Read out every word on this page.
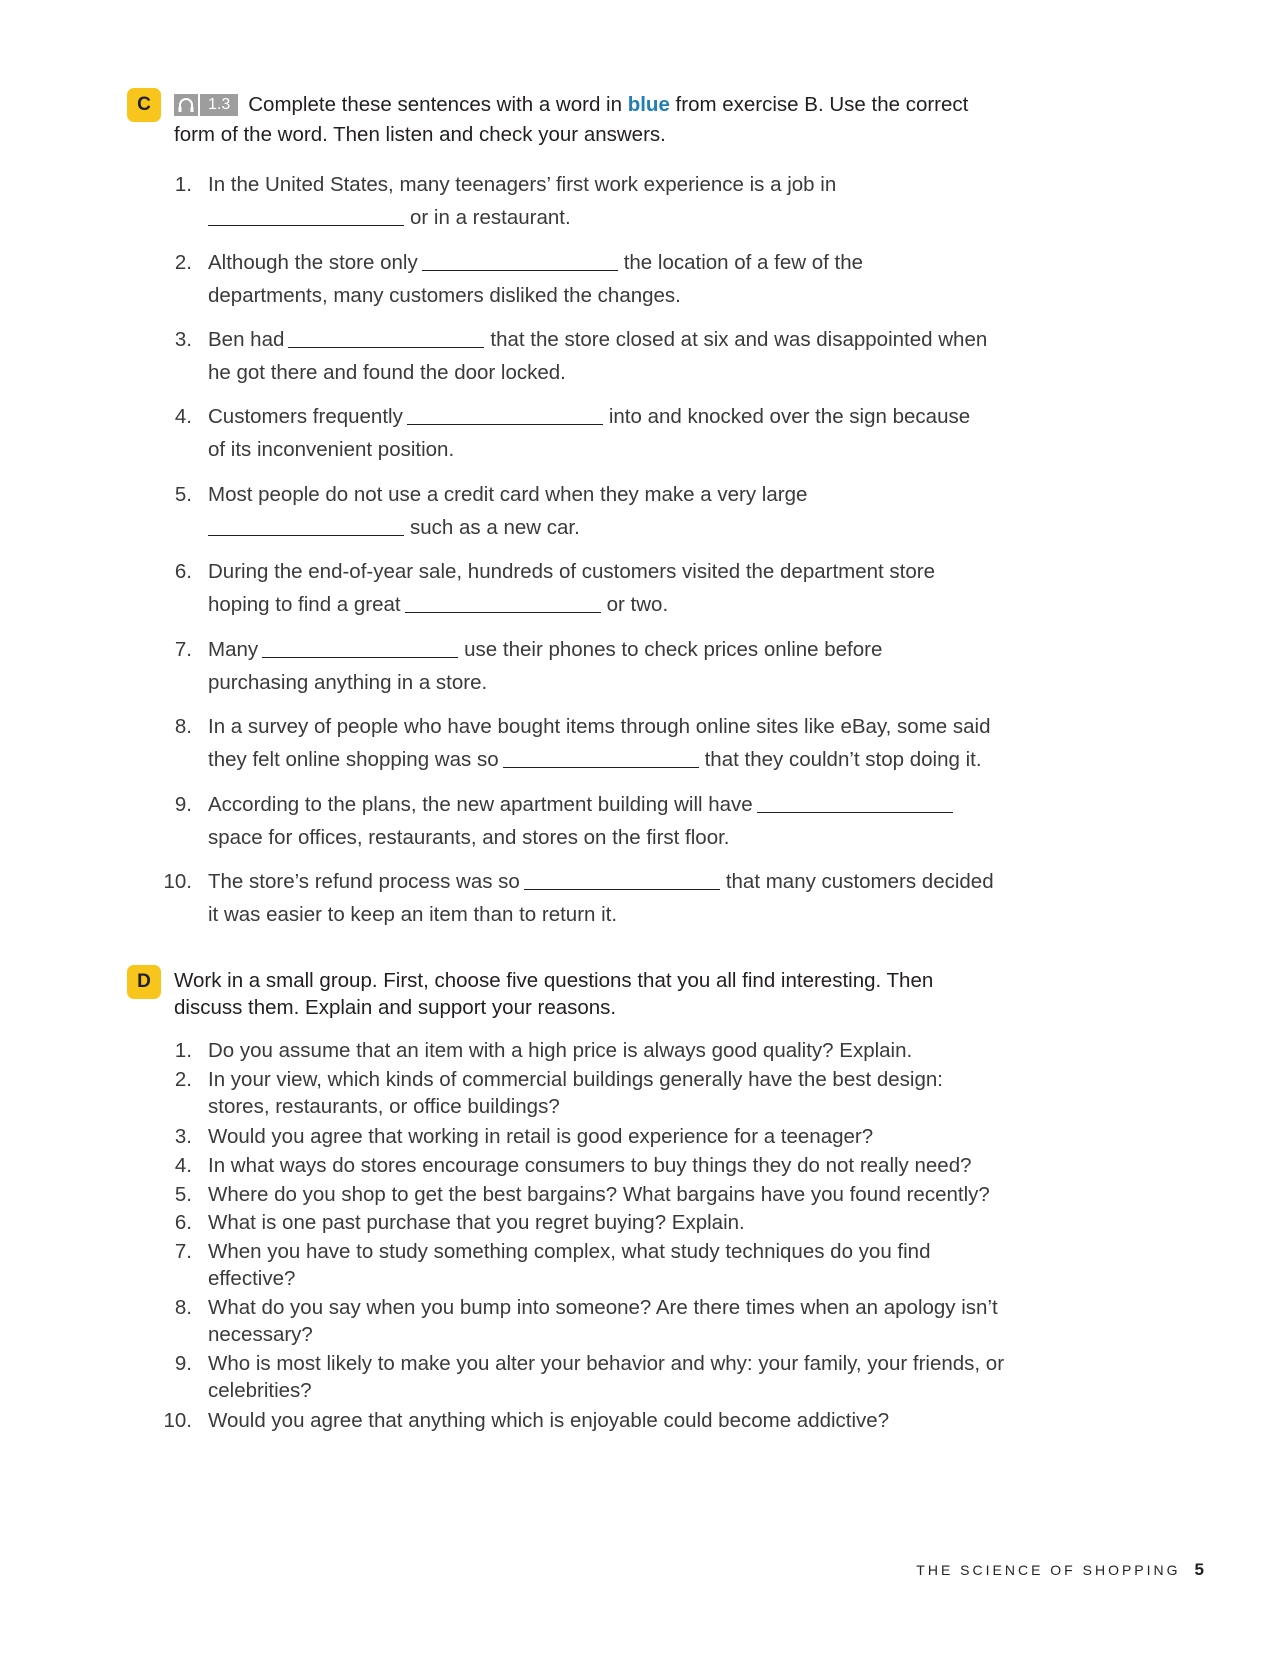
C	1.3 Complete these sentences with a word in blue from exercise B. Use the correct form of the word. Then listen and check your answers.
1. In the United States, many teenagers’ first work experience is a job in
or in a restaurant.
2. Although the store only	the location of a few of the
departments, many customers disliked the changes.
3. Ben had	that the store closed at six and was disappointed when
he got there and found the door locked.
4. Customers frequently	into and knocked over the sign because
of its inconvenient position.
5. Most people do not use a credit card when they make a very large
such as a new car.
6. During the end-of-year sale, hundreds of customers visited the department store
hoping to find a great	or two.
7. Many	use their phones to check prices online before
purchasing anything in a store.
8. In a survey of people who have bought items through online sites like eBay, some said
they felt online shopping was so	that they couldn’t stop doing it.
9. According to the plans, the new apartment building will have
space for offices, restaurants, and stores on the first floor.
10. The store’s refund process was so	that many customers decided
it was easier to keep an item than to return it.
D	Work in a small group. First, choose five questions that you all find interesting. Then discuss them. Explain and support your reasons.
1. Do you assume that an item with a high price is always good quality? Explain.
2. In your view, which kinds of commercial buildings generally have the best design: stores, restaurants, or office buildings?
3. Would you agree that working in retail is good experience for a teenager?
4. In what ways do stores encourage consumers to buy things they do not really need?
5. Where do you shop to get the best bargains? What bargains have you found recently?
6. What is one past purchase that you regret buying? Explain.
7. When you have to study something complex, what study techniques do you find effective?
8. What do you say when you bump into someone? Are there times when an apology isn’t necessary?
9. Who is most likely to make you alter your behavior and why: your family, your friends, or celebrities?
10. Would you agree that anything which is enjoyable could become addictive?
THE SCIENCE OF SHOPPING 5
